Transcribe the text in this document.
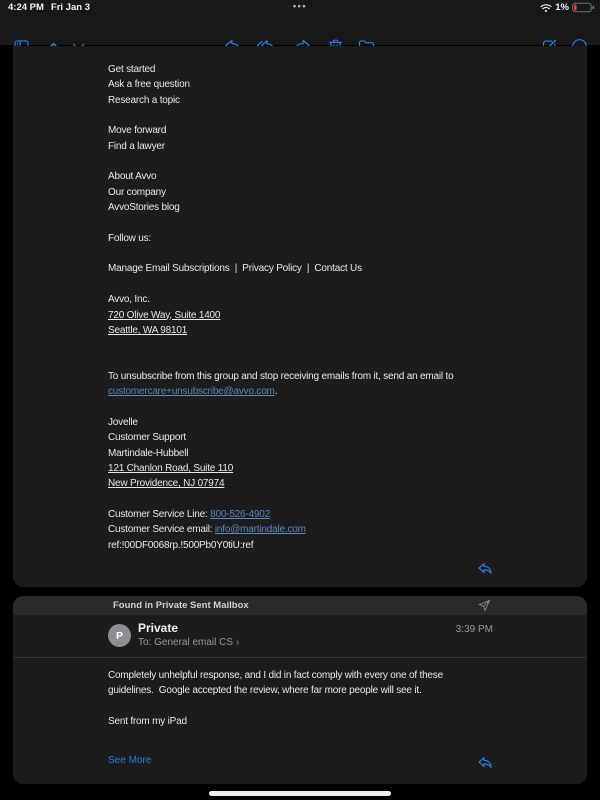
4:24 PM Fri Jan 3	•••	1%
Get started
Ask a free question
Research a topic
Move forward
Find a lawyer
About Avvo
Our company
AvvoStories blog
Follow us:
Manage Email Subscriptions  |  Privacy Policy  |  Contact Us
Avvo, Inc.
720 Olive Way, Suite 1400
Seattle, WA 98101
To unsubscribe from this group and stop receiving emails from it, send an email to
customercare+unsubscribe@avvo.com.
Jovelle
Customer Support
Martindale-Hubbell
121 Chanlon Road, Suite 110
New Providence, NJ 07974
Customer Service Line: 800-526-4902
Customer Service email: info@martindale.com
ref:!00DF0068rp.!500Pb0Y0tiU:ref
Found in Private Sent Mailbox
P
Private
To: General email CS ›
3:39 PM
Completely unhelpful response, and I did in fact comply with every one of these
guidelines.  Google accepted the review, where far more people will see it.
Sent from my iPad
See More
